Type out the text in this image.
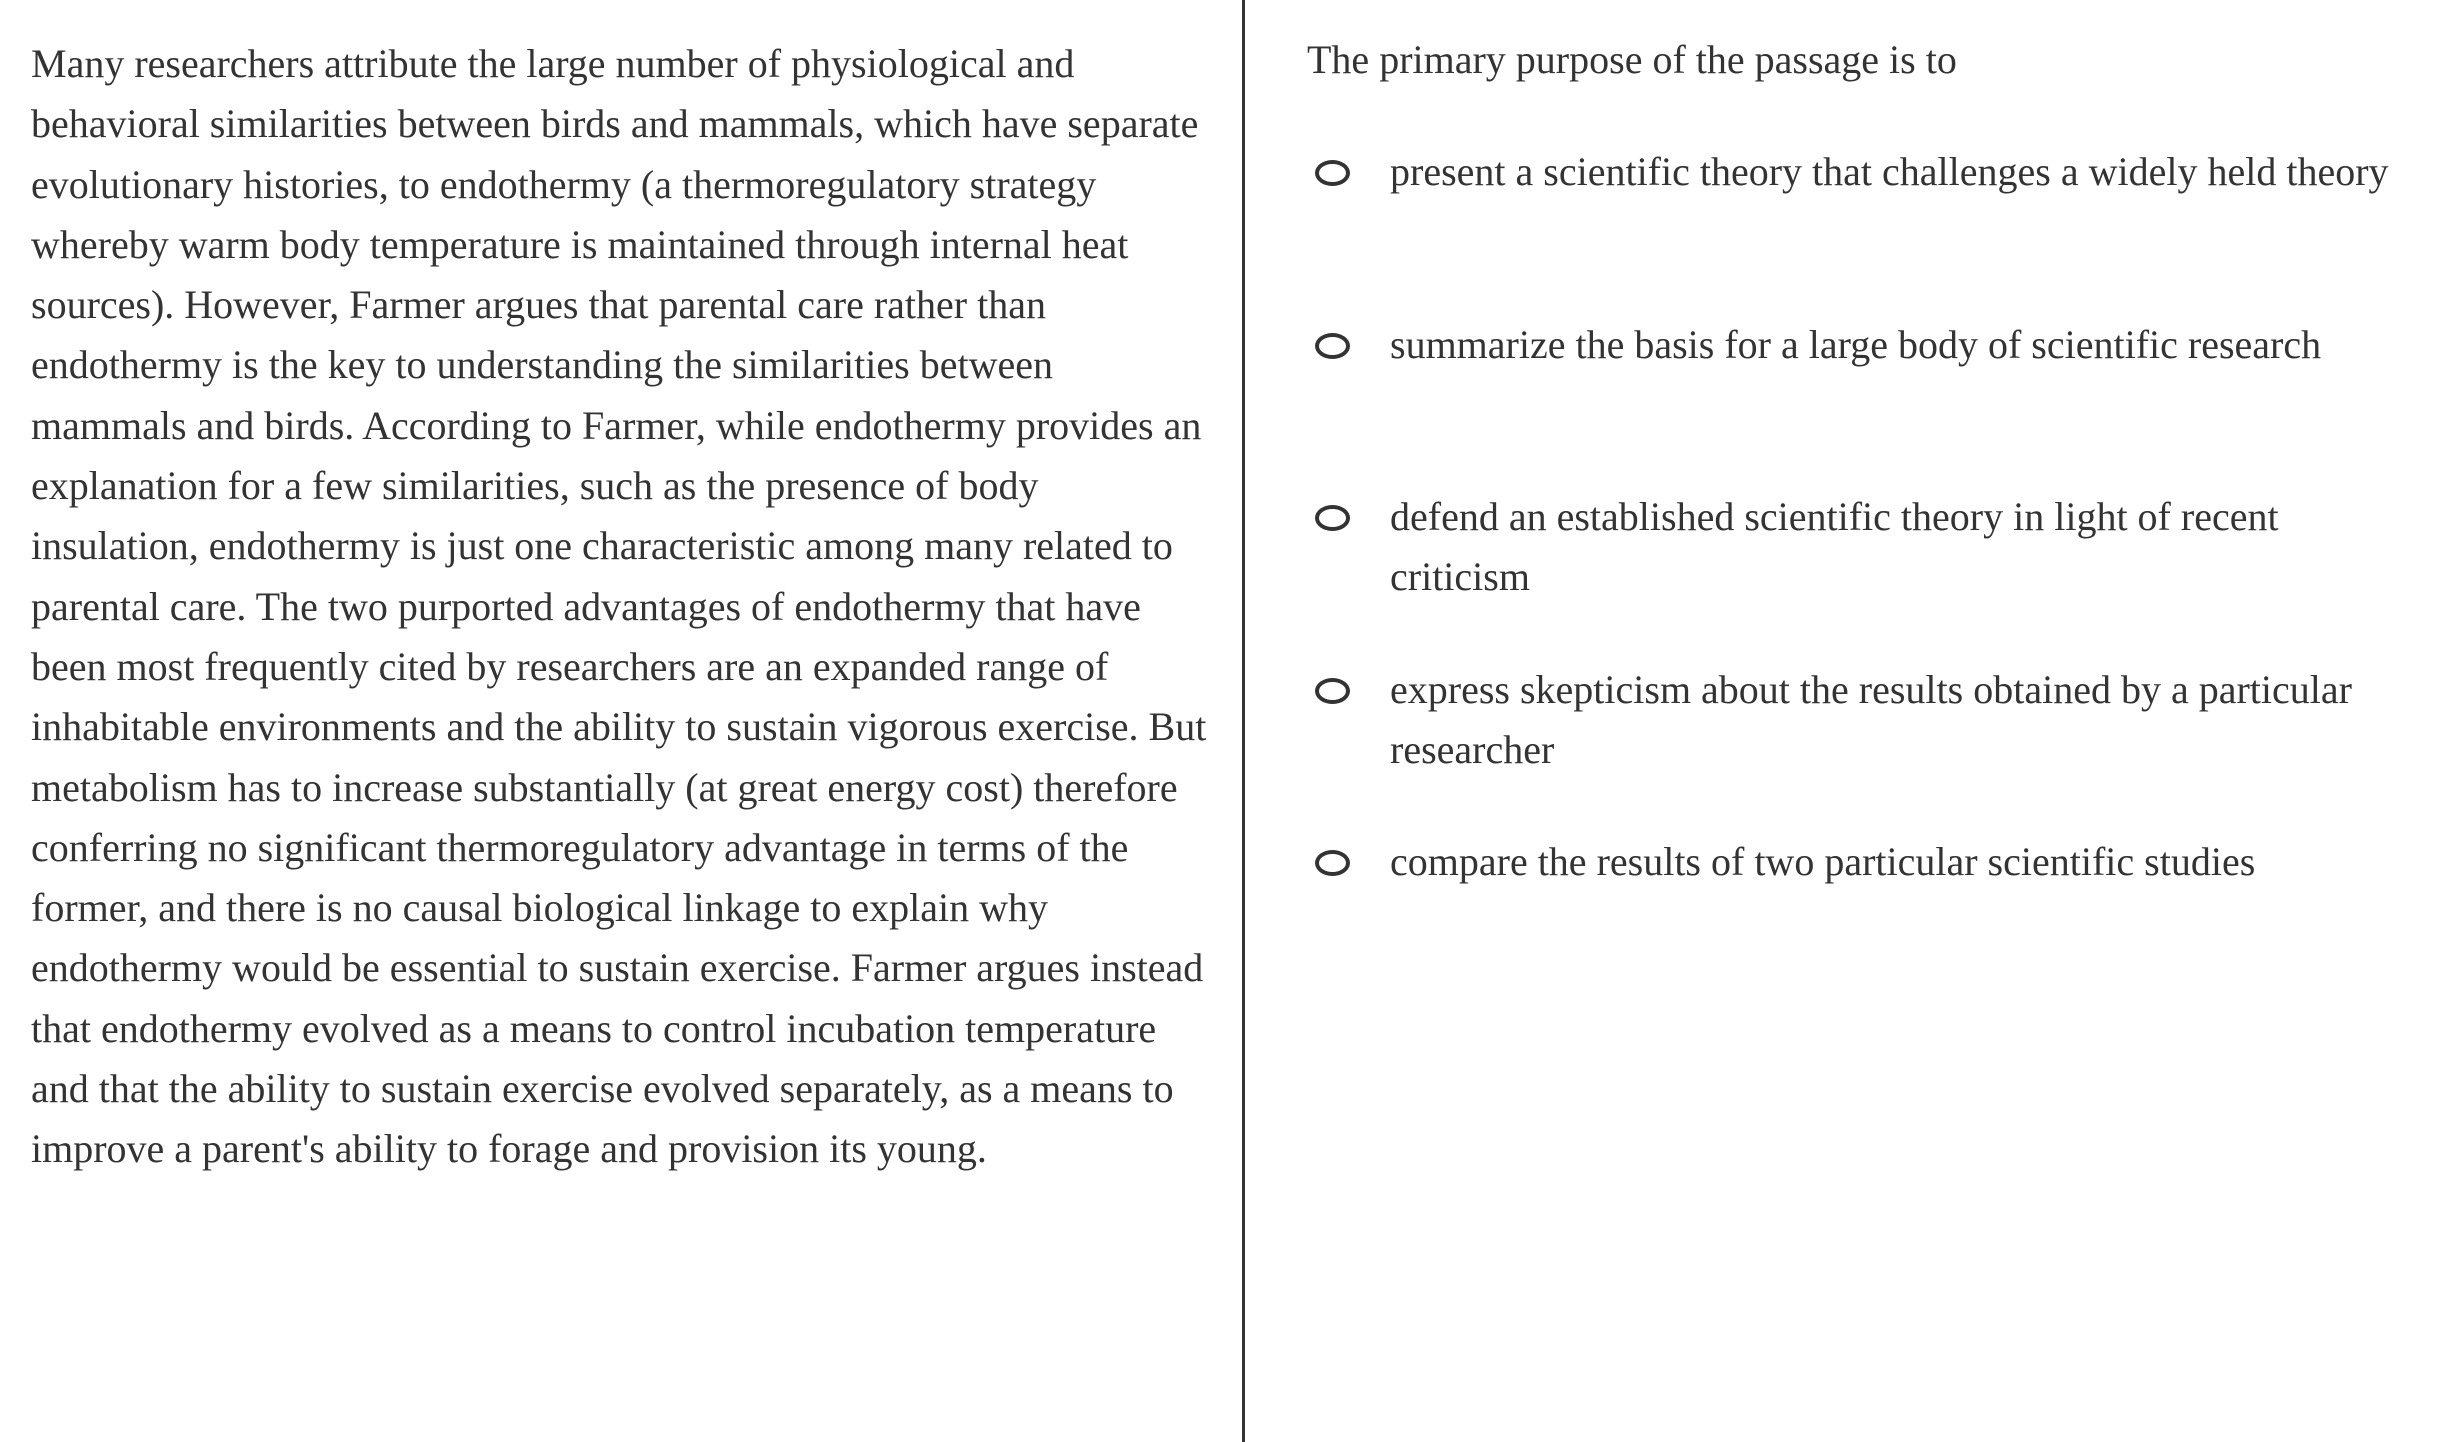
Many researchers attribute the large number of physiological and behavioral similarities between birds and mammals, which have separate evolutionary histories, to endothermy (a thermoregulatory strategy whereby warm body temperature is maintained through internal heat sources). However, Farmer argues that parental care rather than endothermy is the key to understanding the similarities between mammals and birds. According to Farmer, while endothermy provides an explanation for a few similarities, such as the presence of body insulation, endothermy is just one characteristic among many related to parental care. The two purported advantages of endothermy that have been most frequently cited by researchers are an expanded range of inhabitable environments and the ability to sustain vigorous exercise. But metabolism has to increase substantially (at great energy cost) therefore conferring no significant thermoregulatory advantage in terms of the former, and there is no causal biological linkage to explain why endothermy would be essential to sustain exercise. Farmer argues instead that endothermy evolved as a means to control incubation temperature and that the ability to sustain exercise evolved separately, as a means to improve a parent's ability to forage and provision its young.

The primary purpose of the passage is to

present a scientific theory that challenges a widely held theory

summarize the basis for a large body of scientific research

defend an established scientific theory in light of recent criticism

express skepticism about the results obtained by a particular researcher

compare the results of two particular scientific studies
